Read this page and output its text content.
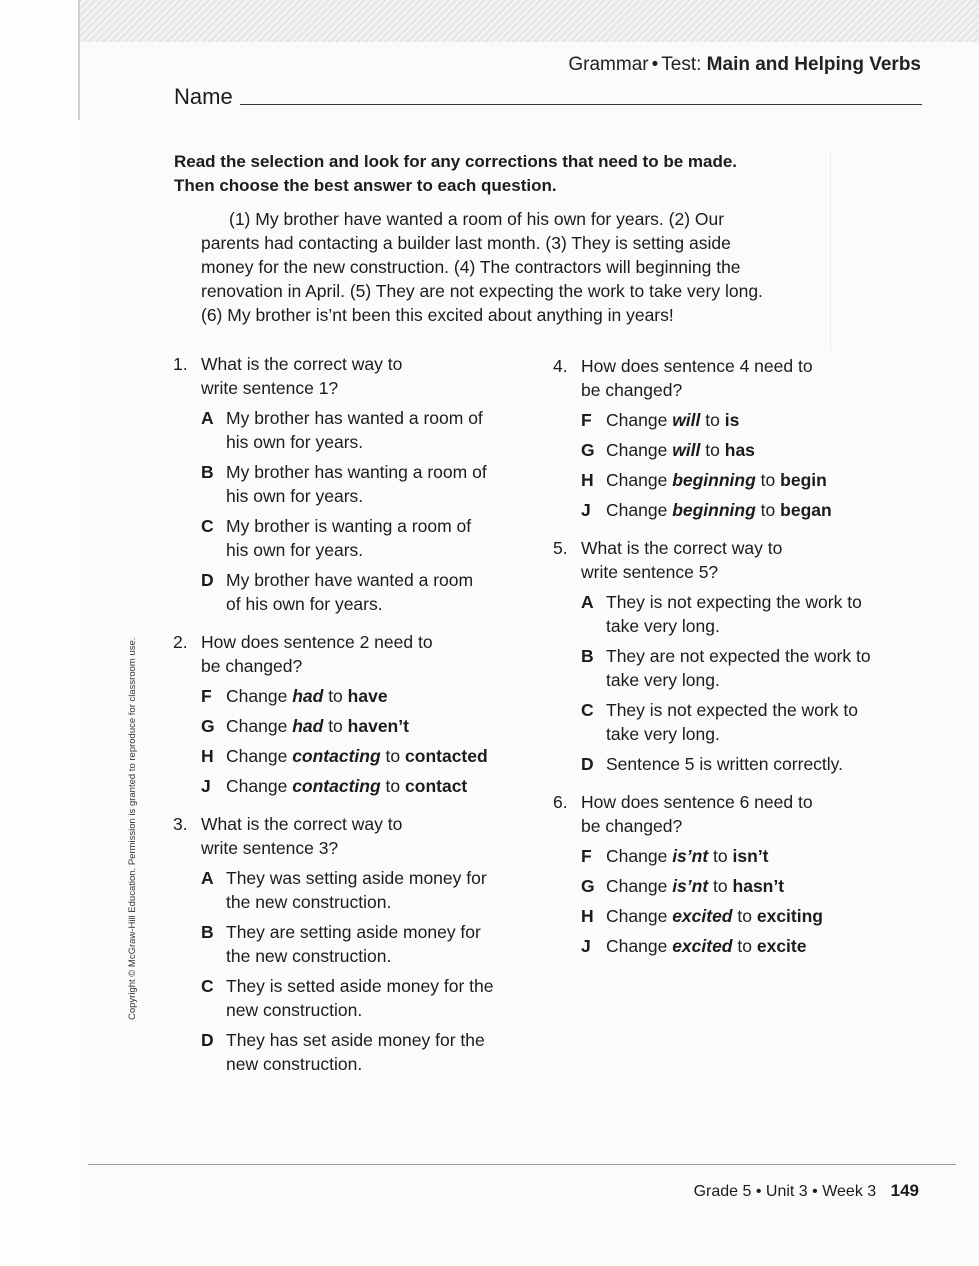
Grammar • Test: Main and Helping Verbs
Name
Read the selection and look for any corrections that need to be made.
Then choose the best answer to each question.
(1) My brother have wanted a room of his own for years. (2) Our
parents had contacting a builder last month. (3) They is setting aside
money for the new construction. (4) The contractors will beginning the
renovation in April. (5) They are not expecting the work to take very long.
(6) My brother is’nt been this excited about anything in years!
1. What is the correct way to
write sentence 1?
A My brother has wanted a room of
his own for years.
B My brother has wanting a room of
his own for years.
C My brother is wanting a room of
his own for years.
D My brother have wanted a room
of his own for years.
2. How does sentence 2 need to
be changed?
F Change had to have
G Change had to haven’t
H Change contacting to contacted
J Change contacting to contact
3. What is the correct way to
write sentence 3?
A They was setting aside money for
the new construction.
B They are setting aside money for
the new construction.
C They is setted aside money for the
new construction.
D They has set aside money for the
new construction.
4. How does sentence 4 need to
be changed?
F Change will to is
G Change will to has
H Change beginning to begin
J Change beginning to began
5. What is the correct way to
write sentence 5?
A They is not expecting the work to
take very long.
B They are not expected the work to
take very long.
C They is not expected the work to
take very long.
D Sentence 5 is written correctly.
6. How does sentence 6 need to
be changed?
F Change is’nt to isn’t
G Change is’nt to hasn’t
H Change excited to exciting
J Change excited to excite
Copyright © McGraw-Hill Education. Permission is granted to reproduce for classroom use.
Grade 5 • Unit 3 • Week 3 149
